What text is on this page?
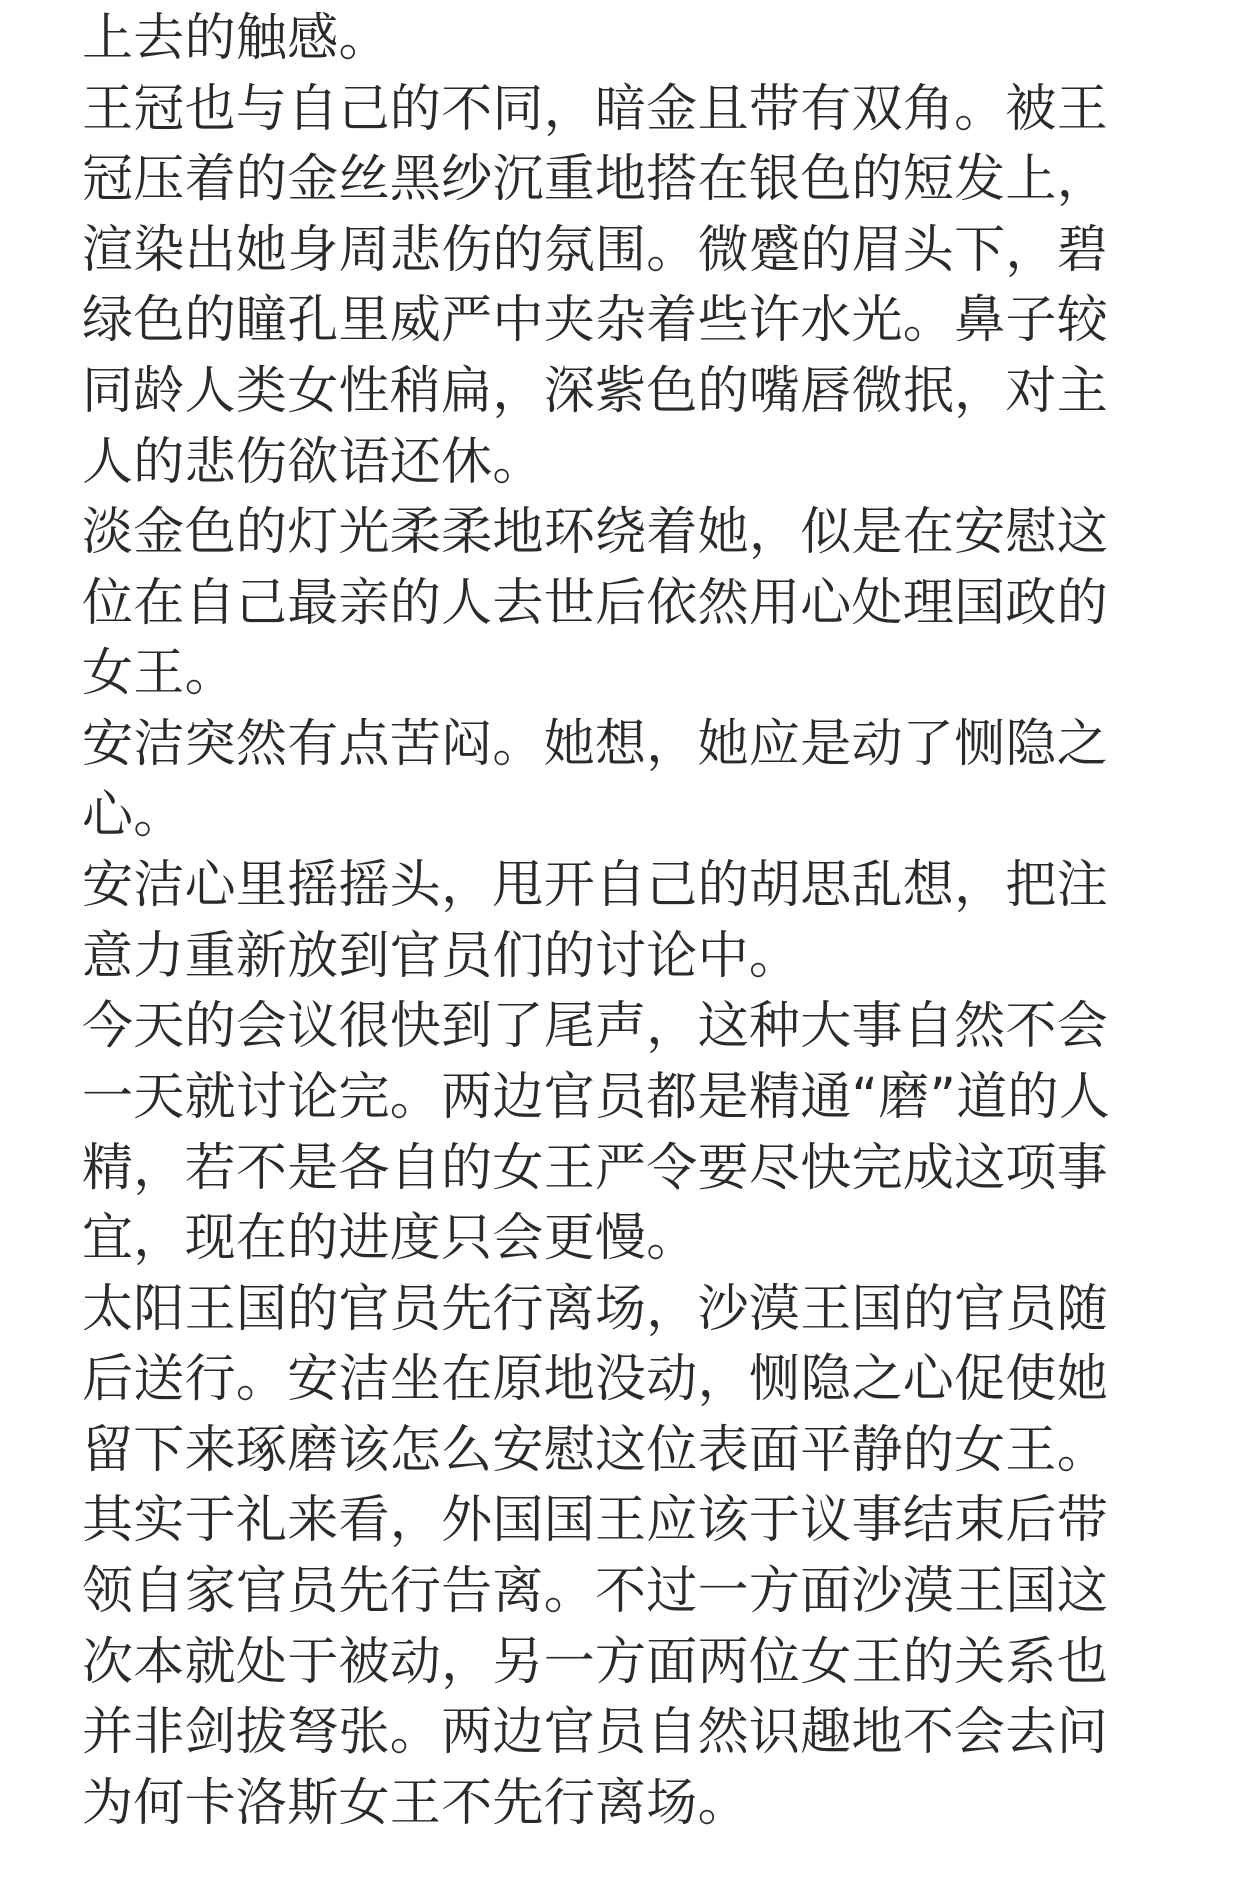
上去的触感。
王冠也与自己的不同，暗金且带有双角。被王
冠压着的金丝黑纱沉重地搭在银色的短发上，
渲染出她身周悲伤的氛围。微蹙的眉头下，碧
绿色的瞳孔里威严中夹杂着些许水光。鼻子较
同龄人类女性稍扁，深紫色的嘴唇微抿，对主
人的悲伤欲语还休。
淡金色的灯光柔柔地环绕着她，似是在安慰这
位在自己最亲的人去世后依然用心处理国政的
女王。
安洁突然有点苦闷。她想，她应是动了恻隐之
心。
安洁心里摇摇头，甩开自己的胡思乱想，把注
意力重新放到官员们的讨论中。
今天的会议很快到了尾声，这种大事自然不会
一天就讨论完。两边官员都是精通“磨”道的人
精，若不是各自的女王严令要尽快完成这项事
宜，现在的进度只会更慢。
太阳王国的官员先行离场，沙漠王国的官员随
后送行。安洁坐在原地没动，恻隐之心促使她
留下来琢磨该怎么安慰这位表面平静的女王。
其实于礼来看，外国国王应该于议事结束后带
领自家官员先行告离。不过一方面沙漠王国这
次本就处于被动，另一方面两位女王的关系也
并非剑拔弩张。两边官员自然识趣地不会去问
为何卡洛斯女王不先行离场。
